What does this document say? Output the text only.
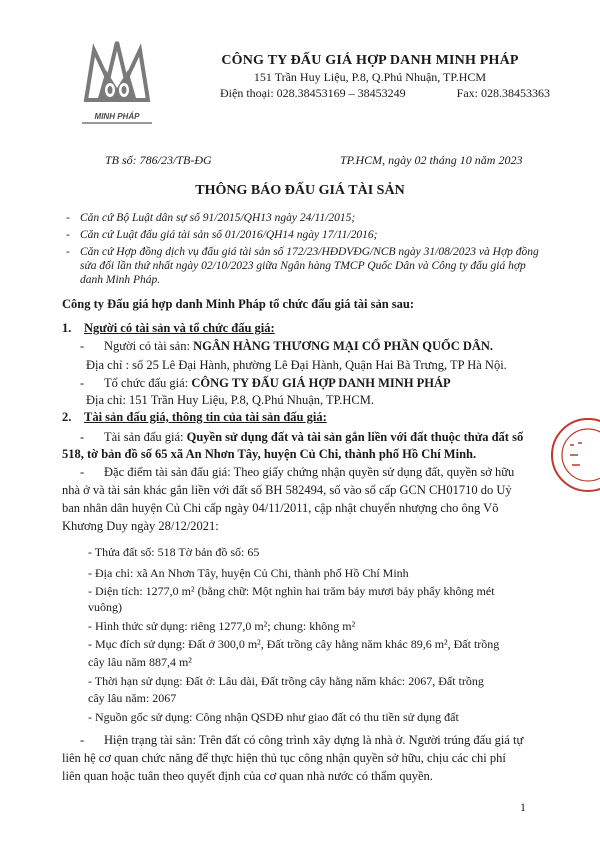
MINH PHÁP
CÔNG TY ĐẤU GIÁ HỢP DANH MINH PHÁP
151 Trần Huy Liệu, P.8, Q.Phú Nhuận, TP.HCM
Điện thoại: 028.38453169 – 38453249	Fax: 028.38453363
TB số: 786/23/TB-ĐG	TP.HCM, ngày 02 tháng 10 năm 2023
THÔNG BÁO ĐẤU GIÁ TÀI SẢN
- Căn cứ Bộ Luật dân sự số 91/2015/QH13 ngày 24/11/2015;
- Căn cứ Luật đấu giá tài sản số 01/2016/QH14 ngày 17/11/2016;
- Căn cứ Hợp đồng dịch vụ đấu giá tài sản số 172/23/HĐDVĐG/NCB ngày 31/08/2023 và Hợp đồng sửa đổi lần thứ nhất ngày 02/10/2023 giữa Ngân hàng TMCP Quốc Dân và Công ty đấu giá hợp danh Minh Pháp.
Công ty Đấu giá hợp danh Minh Pháp tổ chức đấu giá tài sản sau:
1. Người có tài sản và tổ chức đấu giá:
- Người có tài sản: NGÂN HÀNG THƯƠNG MẠI CỔ PHẦN QUỐC DÂN.
Địa chỉ : số 25 Lê Đại Hành, phường Lê Đại Hành, Quận Hai Bà Trưng, TP Hà Nội.
- Tổ chức đấu giá: CÔNG TY ĐẤU GIÁ HỢP DANH MINH PHÁP
Địa chỉ: 151 Trần Huy Liệu, P.8, Q.Phú Nhuận, TP.HCM.
2. Tài sản đấu giá, thông tin của tài sản đấu giá:
- Tài sản đấu giá: Quyền sử dụng đất và tài sản gắn liền với đất thuộc thửa đất số
518, tờ bản đồ số 65 xã An Nhơn Tây, huyện Củ Chi, thành phố Hồ Chí Minh.
- Đặc điểm tài sản đấu giá: Theo giấy chứng nhận quyền sử dụng đất, quyền sở hữu
nhà ở và tài sản khác gắn liền với đất số BH 582494, số vào sổ cấp GCN CH01710 do Uỷ
ban nhân dân huyện Củ Chi cấp ngày 04/11/2011, cập nhật chuyển nhượng cho ông Võ
Khương Duy ngày 28/12/2021:
- Thửa đất số: 518 Tờ bản đồ số: 65
- Địa chỉ: xã An Nhơn Tây, huyện Củ Chi, thành phố Hồ Chí Minh
- Diện tích: 1277,0 m² (bằng chữ: Một nghìn hai trăm bảy mươi bảy phẩy không mét
vuông)
- Hình thức sử dụng: riêng 1277,0 m²; chung: không m²
- Mục đích sử dụng: Đất ở 300,0 m², Đất trồng cây hằng năm khác 89,6 m², Đất trồng
cây lâu năm 887,4 m²
- Thời hạn sử dụng: Đất ở: Lâu dài, Đất trồng cây hằng năm khác: 2067, Đất trồng
cây lâu năm: 2067
- Nguồn gốc sử dụng: Công nhận QSDĐ như giao đất có thu tiền sử dụng đất
- Hiện trạng tài sản: Trên đất có công trình xây dựng là nhà ở. Người trúng đấu giá tự
liên hệ cơ quan chức năng để thực hiện thủ tục công nhận quyền sở hữu, chịu các chi phí
liên quan hoặc tuân theo quyết định của cơ quan nhà nước có thẩm quyền.
1
